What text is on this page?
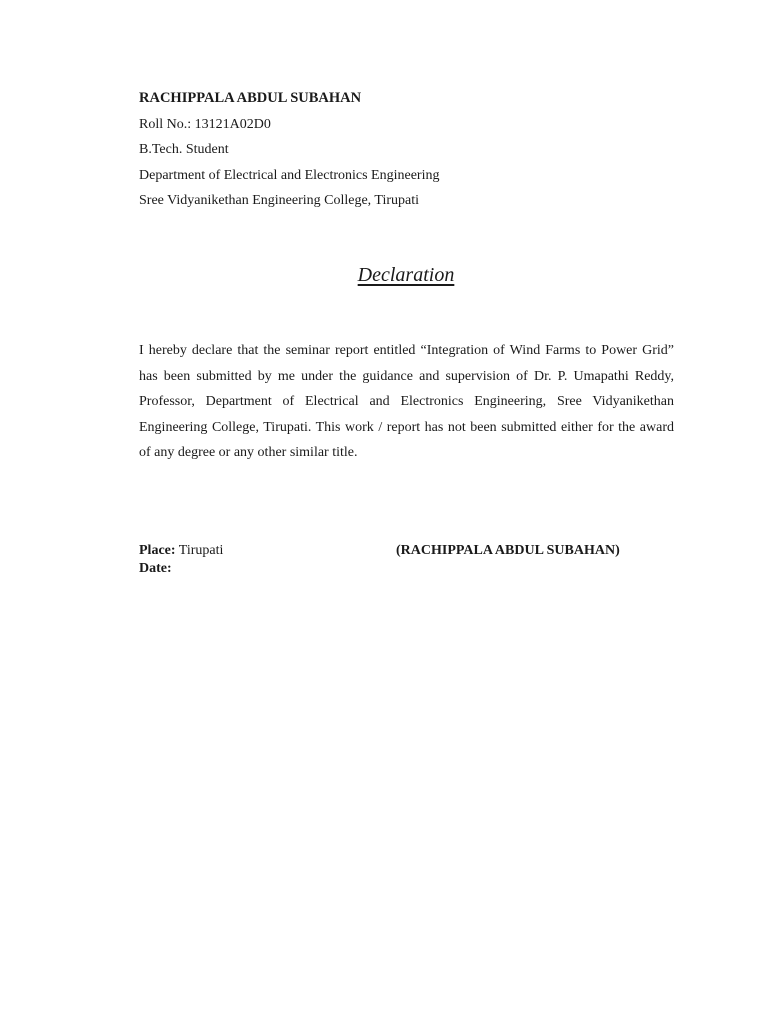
RACHIPPALA ABDUL SUBAHAN
Roll No.: 13121A02D0
B.Tech. Student
Department of Electrical and Electronics Engineering
Sree Vidyanikethan Engineering College, Tirupati
Declaration
I hereby declare that the seminar report entitled “Integration of Wind Farms to Power Grid” has been submitted by me under the guidance and supervision of Dr. P. Umapathi Reddy, Professor, Department of Electrical and Electronics Engineering, Sree Vidyanikethan Engineering College, Tirupati. This work / report has not been submitted either for the award of any degree or any other similar title.
Place: Tirupati
Date:
(RACHIPPALA ABDUL SUBAHAN)
